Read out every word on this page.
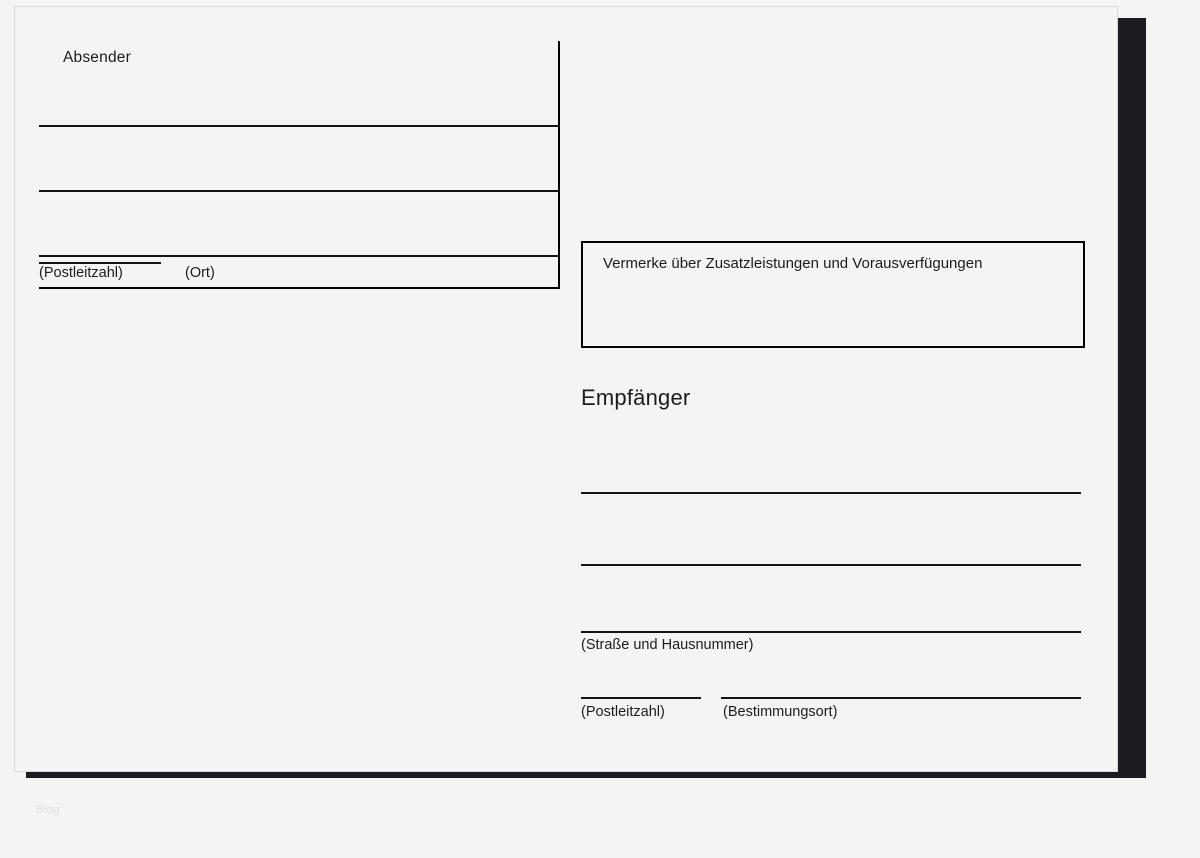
Absender
(Postleitzahl)	(Ort)
Vermerke über Zusatzleistungen und Vorausverfügungen
Empfänger
(Straße und Hausnummer)
(Postleitzahl)	(Bestimmungsort)
Blog
